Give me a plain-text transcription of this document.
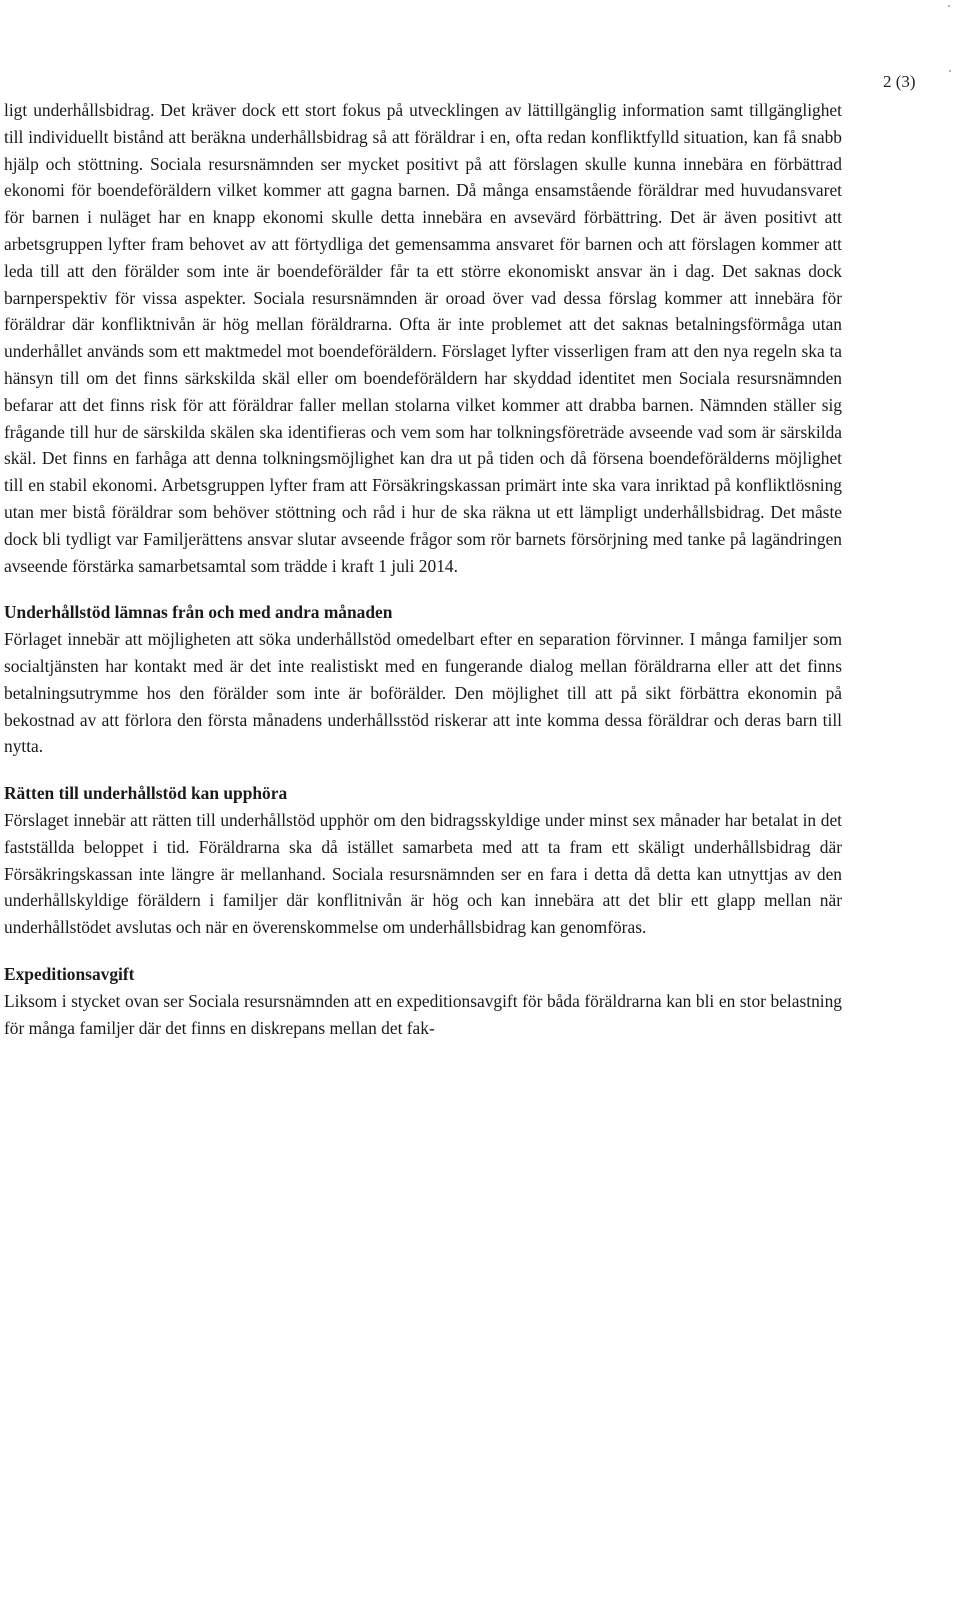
2 (3)

ligt underhållsbidrag. Det kräver dock ett stort fokus på utvecklingen av lättillgänglig information samt tillgänglighet till individuellt bistånd att beräkna underhållsbidrag så att föräldrar i en, ofta redan konfliktfylld situation, kan få snabb hjälp och stöttning. Sociala resursnämnden ser mycket positivt på att förslagen skulle kunna innebära en förbättrad ekonomi för boendeföräldern vilket kommer att gagna barnen. Då många ensamstående föräldrar med huvudansvaret för barnen i nuläget har en knapp ekonomi skulle detta innebära en avsevärd förbättring. Det är även positivt att arbetsgruppen lyfter fram behovet av att förtydliga det gemensamma ansvaret för barnen och att förslagen kommer att leda till att den förälder som inte är boendeförälder får ta ett större ekonomiskt ansvar än i dag. Det saknas dock barnperspektiv för vissa aspekter. Sociala resursnämnden är oroad över vad dessa förslag kommer att innebära för föräldrar där konfliktnivån är hög mellan föräldrarna. Ofta är inte problemet att det saknas betalningsförmåga utan underhållet används som ett maktmedel mot boendeföräldern. Förslaget lyfter visserligen fram att den nya regeln ska ta hänsyn till om det finns särkskilda skäl eller om boendeföräldern har skyddad identitet men Sociala resursnämnden befarar att det finns risk för att föräldrar faller mellan stolarna vilket kommer att drabba barnen. Nämnden ställer sig frågande till hur de särskilda skälen ska identifieras och vem som har tolkningsföreträde avseende vad som är särskilda skäl. Det finns en farhåga att denna tolkningsmöjlighet kan dra ut på tiden och då försena boendeförälderns möjlighet till en stabil ekonomi. Arbetsgruppen lyfter fram att Försäkringskassan primärt inte ska vara inriktad på konfliktlösning utan mer bistå föräldrar som behöver stöttning och råd i hur de ska räkna ut ett lämpligt underhållsbidrag. Det måste dock bli tydligt var Familjerättens ansvar slutar avseende frågor som rör barnets försörjning med tanke på lagändringen avseende förstärka samarbetsamtal som trädde i kraft 1 juli 2014.

Underhållstöd lämnas från och med andra månaden

Förlaget innebär att möjligheten att söka underhållstöd omedelbart efter en separation förvinner. I många familjer som socialtjänsten har kontakt med är det inte realistiskt med en fungerande dialog mellan föräldrarna eller att det finns betalningsutrymme hos den förälder som inte är boförälder. Den möjlighet till att på sikt förbättra ekonomin på bekostnad av att förlora den första månadens underhållsstöd riskerar att inte komma dessa föräldrar och deras barn till nytta.

Rätten till underhållstöd kan upphöra

Förslaget innebär att rätten till underhållstöd upphör om den bidragsskyldige under minst sex månader har betalat in det fastställda beloppet i tid. Föräldrarna ska då istället samarbeta med att ta fram ett skäligt underhållsbidrag där Försäkringskassan inte längre är mellanhand. Sociala resursnämnden ser en fara i detta då detta kan utnyttjas av den underhållskyldige föräldern i familjer där konflitnivån är hög och kan innebära att det blir ett glapp mellan när underhållstödet avslutas och när en överenskommelse om underhållsbidrag kan genomföras.

Expeditionsavgift

Liksom i stycket ovan ser Sociala resursnämnden att en expeditionsavgift för båda föräldrarna kan bli en stor belastning för många familjer där det finns en diskrepans mellan det fak-
